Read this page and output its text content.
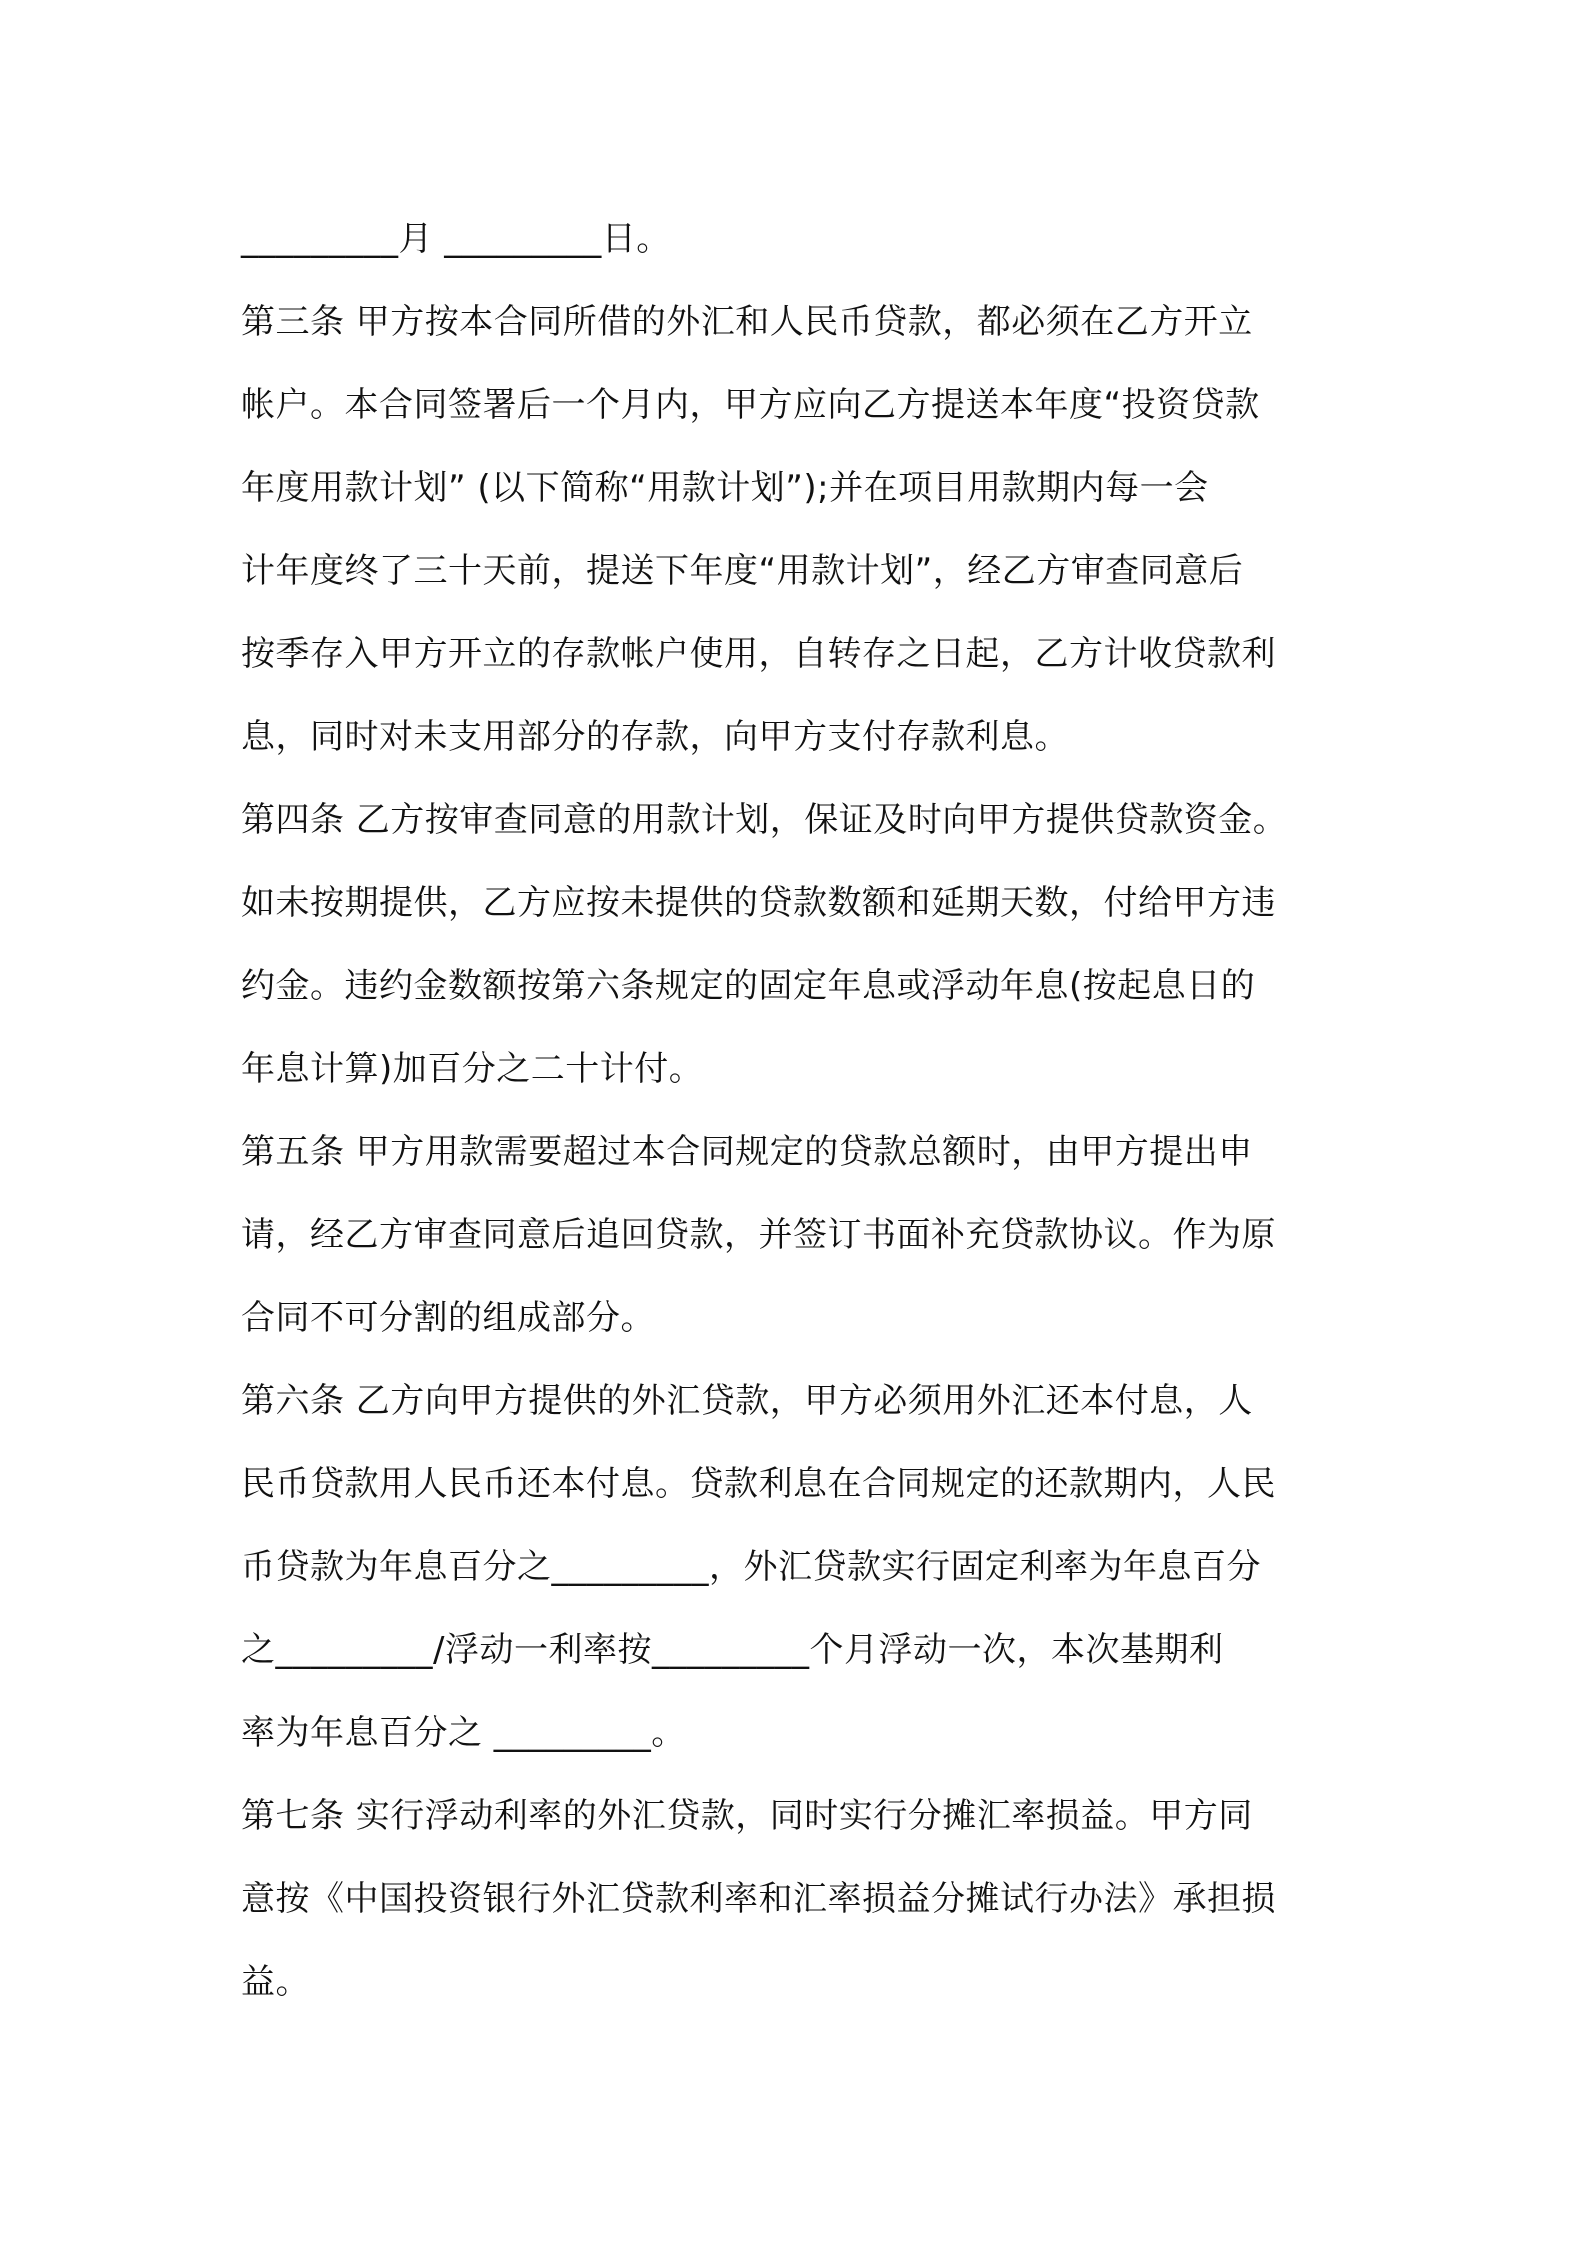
_________月 _________日。
第三条 甲方按本合同所借的外汇和人民币贷款，都必须在乙方开立
帐户。本合同签署后一个月内，甲方应向乙方提送本年度“投资贷款
年度用款计划” (以下简称“用款计划”);并在项目用款期内每一会
计年度终了三十天前，提送下年度“用款计划”，经乙方审查同意后
按季存入甲方开立的存款帐户使用，自转存之日起，乙方计收贷款利
息，同时对未支用部分的存款，向甲方支付存款利息。
第四条 乙方按审查同意的用款计划，保证及时向甲方提供贷款资金。
如未按期提供，乙方应按未提供的贷款数额和延期天数，付给甲方违
约金。违约金数额按第六条规定的固定年息或浮动年息(按起息日的
年息计算)加百分之二十计付。
第五条 甲方用款需要超过本合同规定的贷款总额时，由甲方提出申
请，经乙方审查同意后追回贷款，并签订书面补充贷款协议。作为原
合同不可分割的组成部分。
第六条 乙方向甲方提供的外汇贷款，甲方必须用外汇还本付息，人
民币贷款用人民币还本付息。贷款利息在合同规定的还款期内，人民
币贷款为年息百分之_________，外汇贷款实行固定利率为年息百分
之_________/浮动一利率按_________个月浮动一次，本次基期利
率为年息百分之 _________。
第七条 实行浮动利率的外汇贷款，同时实行分摊汇率损益。甲方同
意按《中国投资银行外汇贷款利率和汇率损益分摊试行办法》承担损
益。
